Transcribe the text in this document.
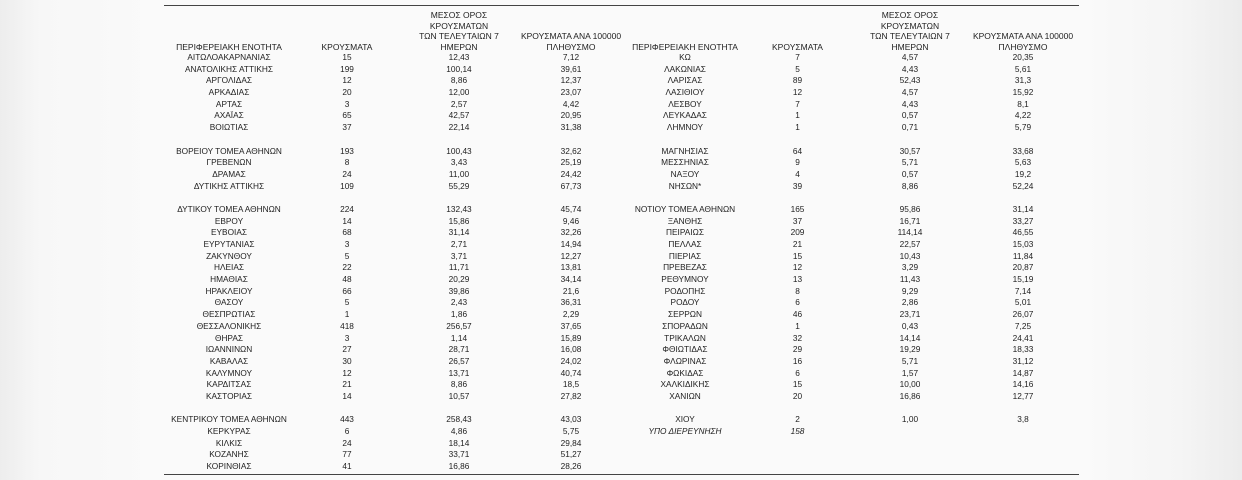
ΠΕΡΙΦΕΡΕΙΑΚΗ ΕΝΟΤΗΤΑ	ΚΡΟΥΣΜΑΤΑ
ΜΕΣΟΣ ΟΡΟΣ ΚΡΟΥΣΜΑΤΩΝ
ΤΩΝ ΤΕΛΕΥΤΑΙΩΝ 7
ΗΜΕΡΩΝ
ΚΡΟΥΣΜΑΤΑ ΑΝΑ 100000
ΠΛΗΘΥΣΜΟ
ΑΙΤΩΛΟΑΚΑΡΝΑΝΙΑΣ	15	12,43	7,12
ΑΝΑΤΟΛΙΚΗΣ ΑΤΤΙΚΗΣ	199	100,14	39,61
ΑΡΓΟΛΙΔΑΣ	12	8,86	12,37
ΑΡΚΑΔΙΑΣ	20	12,00	23,07
ΑΡΤΑΣ	3	2,57	4,42
ΑΧΑΪΑΣ	65	42,57	20,95
ΒΟΙΩΤΙΑΣ	37	22,14	31,38
ΒΟΡΕΙΟΥ ΤΟΜΕΑ ΑΘΗΝΩΝ	193	100,43	32,62
ΓΡΕΒΕΝΩΝ	8	3,43	25,19
ΔΡΑΜΑΣ	24	11,00	24,42
ΔΥΤΙΚΗΣ ΑΤΤΙΚΗΣ	109	55,29	67,73
ΔΥΤΙΚΟΥ ΤΟΜΕΑ ΑΘΗΝΩΝ	224	132,43	45,74
ΕΒΡΟΥ	14	15,86	9,46
ΕΥΒΟΙΑΣ	68	31,14	32,26
ΕΥΡΥΤΑΝΙΑΣ	3	2,71	14,94
ΖΑΚΥΝΘΟΥ	5	3,71	12,27
ΗΛΕΙΑΣ	22	11,71	13,81
ΗΜΑΘΙΑΣ	48	20,29	34,14
ΗΡΑΚΛΕΙΟΥ	66	39,86	21,6
ΘΑΣΟΥ	5	2,43	36,31
ΘΕΣΠΡΩΤΙΑΣ	1	1,86	2,29
ΘΕΣΣΑΛΟΝΙΚΗΣ	418	256,57	37,65
ΘΗΡΑΣ	3	1,14	15,89
ΙΩΑΝΝΙΝΩΝ	27	28,71	16,08
ΚΑΒΑΛΑΣ	30	26,57	24,02
ΚΑΛΥΜΝΟΥ	12	13,71	40,74
ΚΑΡΔΙΤΣΑΣ	21	8,86	18,5
ΚΑΣΤΟΡΙΑΣ	14	10,57	27,82
ΚΕΝΤΡΙΚΟΥ ΤΟΜΕΑ ΑΘΗΝΩΝ	443	258,43	43,03
ΚΕΡΚΥΡΑΣ	6	4,86	5,75
ΚΙΛΚΙΣ	24	18,14	29,84
ΚΟΖΑΝΗΣ	77	33,71	51,27
ΚΟΡΙΝΘΙΑΣ	41	16,86	28,26
ΠΕΡΙΦΕΡΕΙΑΚΗ ΕΝΟΤΗΤΑ	ΚΡΟΥΣΜΑΤΑ
ΜΕΣΟΣ ΟΡΟΣ ΚΡΟΥΣΜΑΤΩΝ
ΤΩΝ ΤΕΛΕΥΤΑΙΩΝ 7
ΗΜΕΡΩΝ
ΚΡΟΥΣΜΑΤΑ ΑΝΑ 100000
ΠΛΗΘΥΣΜΟ
ΚΩ	7	4,57	20,35
ΛΑΚΩΝΙΑΣ	5	4,43	5,61
ΛΑΡΙΣΑΣ	89	52,43	31,3
ΛΑΣΙΘΙΟΥ	12	4,57	15,92
ΛΕΣΒΟΥ	7	4,43	8,1
ΛΕΥΚΑΔΑΣ	1	0,57	4,22
ΛΗΜΝΟΥ	1	0,71	5,79
ΜΑΓΝΗΣΙΑΣ	64	30,57	33,68
ΜΕΣΣΗΝΙΑΣ	9	5,71	5,63
ΝΑΞΟΥ	4	0,57	19,2
ΝΗΣΩΝ*	39	8,86	52,24
ΝΟΤΙΟΥ ΤΟΜΕΑ ΑΘΗΝΩΝ	165	95,86	31,14
ΞΑΝΘΗΣ	37	16,71	33,27
ΠΕΙΡΑΙΩΣ	209	114,14	46,55
ΠΕΛΛΑΣ	21	22,57	15,03
ΠΙΕΡΙΑΣ	15	10,43	11,84
ΠΡΕΒΕΖΑΣ	12	3,29	20,87
ΡΕΘΥΜΝΟΥ	13	11,43	15,19
ΡΟΔΟΠΗΣ	8	9,29	7,14
ΡΟΔΟΥ	6	2,86	5,01
ΣΕΡΡΩΝ	46	23,71	26,07
ΣΠΟΡΑΔΩΝ	1	0,43	7,25
ΤΡΙΚΑΛΩΝ	32	14,14	24,41
ΦΘΙΩΤΙΔΑΣ	29	19,29	18,33
ΦΛΩΡΙΝΑΣ	16	5,71	31,12
ΦΩΚΙΔΑΣ	6	1,57	14,87
ΧΑΛΚΙΔΙΚΗΣ	15	10,00	14,16
ΧΑΝΙΩΝ	20	16,86	12,77
ΧΙΟΥ	2	1,00	3,8
ΥΠΟ ΔΙΕΡΕΥΝΗΣΗ	158
